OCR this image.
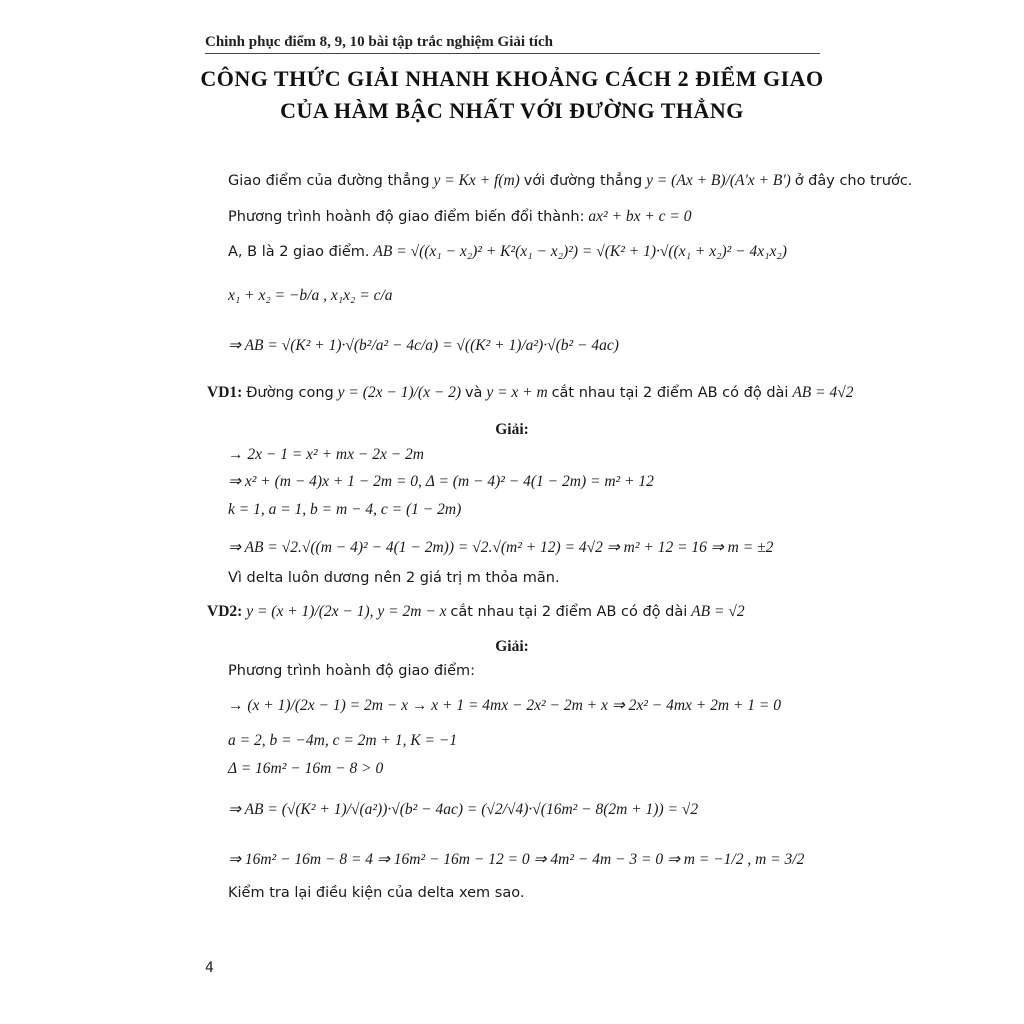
Chinh phục điểm 8, 9, 10 bài tập trắc nghiệm Giải tích
CÔNG THỨC GIẢI NHANH KHOẢNG CÁCH 2 ĐIỂM GIAO
CỦA HÀM BẬC NHẤT VỚI ĐƯỜNG THẲNG
Giao điểm của đường thẳng y = Kx + f(m) với đường thẳng y = (Ax + B)/(A'x + B') ở đây cho trước.
Phương trình hoành độ giao điểm biến đổi thành: ax² + bx + c = 0
A, B là 2 giao điểm. AB = √((x₁ − x₂)² + K²(x₁ − x₂)²) = √(K² + 1)·√((x₁ + x₂)² − 4x₁x₂)
x₁ + x₂ = −b/a , x₁x₂ = c/a
⇒ AB = √(K² + 1)·√(b²/a² − 4c/a) = √((K² + 1)/a²)·√(b² − 4ac)
VD1: Đường cong y = (2x − 1)/(x − 2) và y = x + m cắt nhau tại 2 điểm AB có độ dài AB = 4√2
Giải:
→ 2x − 1 = x² + mx − 2x − 2m
⇒ x² + (m − 4)x + 1 − 2m = 0, Δ = (m − 4)² − 4(1 − 2m) = m² + 12
k = 1, a = 1, b = m − 4, c = (1 − 2m)
⇒ AB = √2.√((m − 4)² − 4(1 − 2m)) = √2.√(m² + 12) = 4√2 ⇒ m² + 12 = 16 ⇒ m = ±2
Vì delta luôn dương nên 2 giá trị m thỏa mãn.
VD2: y = (x + 1)/(2x − 1), y = 2m − x cắt nhau tại 2 điểm AB có độ dài AB = √2
Giải:
Phương trình hoành độ giao điểm:
→ (x + 1)/(2x − 1) = 2m − x → x + 1 = 4mx − 2x² − 2m + x ⇒ 2x² − 4mx + 2m + 1 = 0
a = 2, b = −4m, c = 2m + 1, K = −1
Δ = 16m² − 16m − 8 > 0
⇒ AB = (√(K² + 1)/√(a²))·√(b² − 4ac) = (√2/√4)·√(16m² − 8(2m + 1)) = √2
⇒ 16m² − 16m − 8 = 4 ⇒ 16m² − 16m − 12 = 0 ⇒ 4m² − 4m − 3 = 0 ⇒ m = −1/2 , m = 3/2
Kiểm tra lại điều kiện của delta xem sao.
4
